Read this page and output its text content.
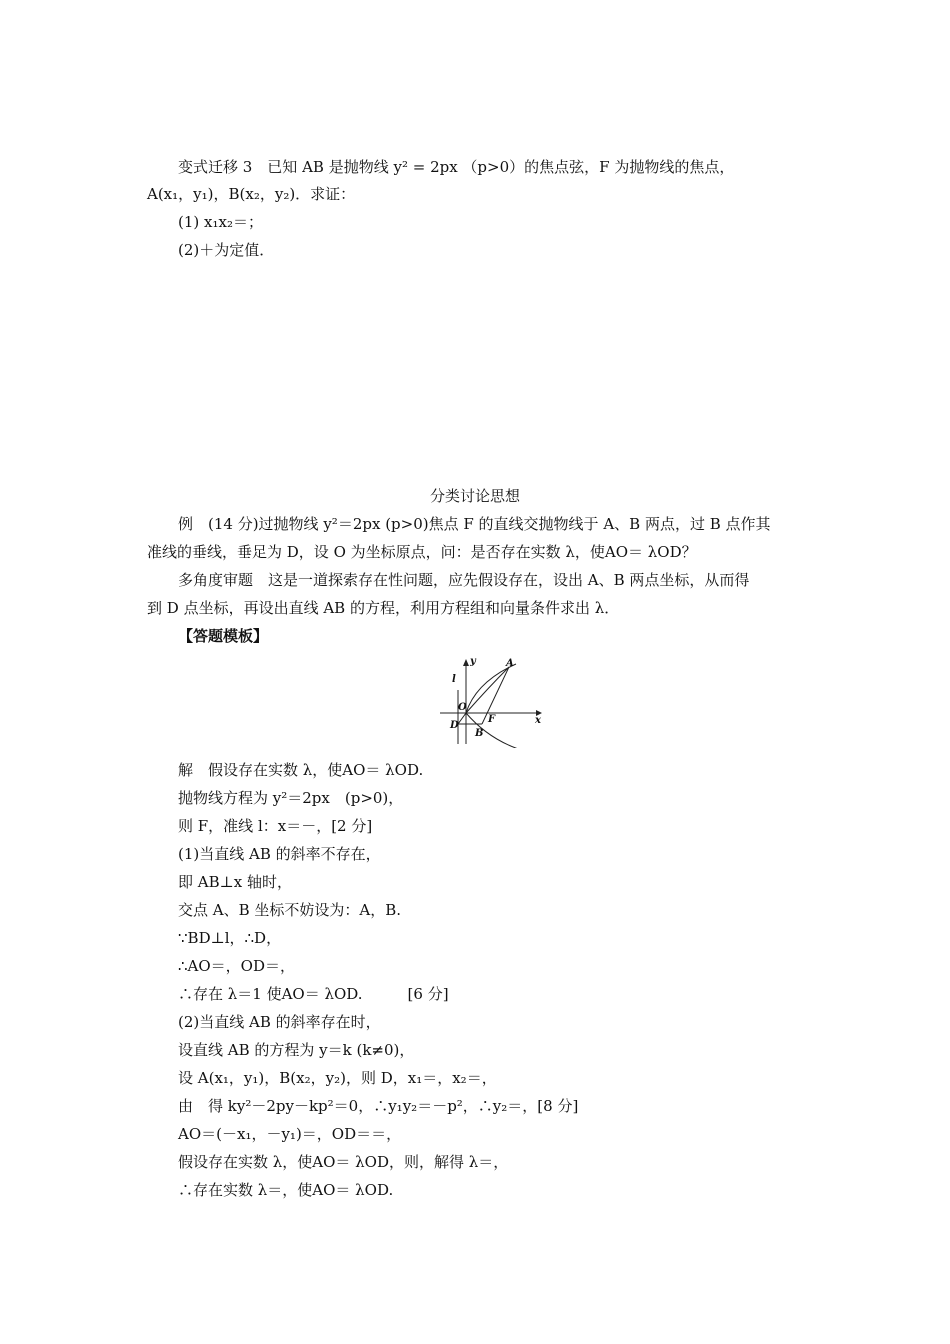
变式迁移 3　已知 AB 是抛物线 y² = 2px （p>0）的焦点弦，F 为抛物线的焦点，
A(x₁，y₁)，B(x₂，y₂)．求证：
(1) x₁x₂＝；
(2)＋为定值．
分类讨论思想
例　(14 分)过抛物线 y²＝2px (p>0)焦点 F 的直线交抛物线于 A、B 两点，过 B 点作其
准线的垂线，垂足为 D，设 O 为坐标原点，问：是否存在实数 λ，使AO＝ λOD？
多角度审题　这是一道探索存在性问题，应先假设存在，设出 A、B 两点坐标，从而得
到 D 点坐标，再设出直线 AB 的方程，利用方程组和向量条件求出 λ．
【答题模板】
l
y	A
O
F	x
D
B
解　假设存在实数 λ，使AO＝ λOD.
抛物线方程为 y²＝2px　(p>0)，
则 F，准线 l：x＝－，[2 分]
(1)当直线 AB 的斜率不存在，
即 AB⊥x 轴时，
交点 A、B 坐标不妨设为：A，B.
∵BD⊥l，∴D，
∴AO＝，OD＝，
∴存在 λ＝1 使AO＝ λOD.　　　[6 分]
(2)当直线 AB 的斜率存在时，
设直线 AB 的方程为 y＝k (k≠0)，
设 A(x₁，y₁)，B(x₂，y₂)，则 D，x₁＝，x₂＝，
由　得 ky²－2py－kp²＝0，∴y₁y₂＝－p²，∴y₂＝，[8 分]
AO＝(－x₁，－y₁)＝，OD＝＝，
假设存在实数 λ，使AO＝ λOD，则，解得 λ＝，
∴存在实数 λ＝，使AO＝ λOD.
